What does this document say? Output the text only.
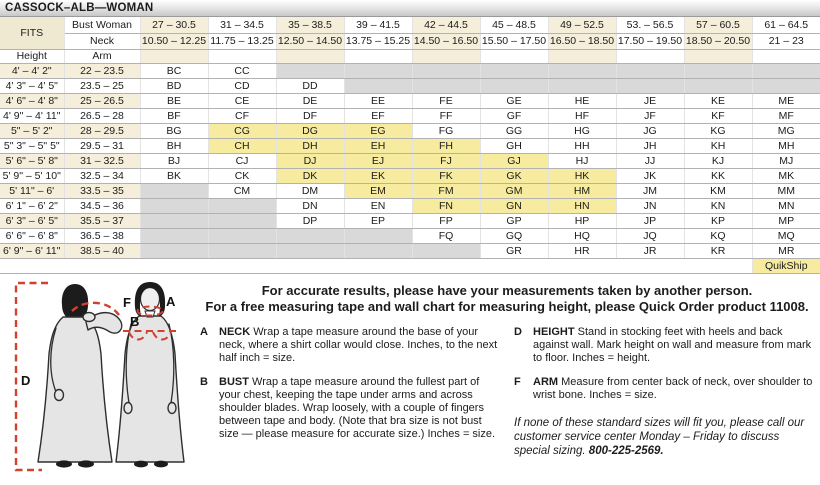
CASSOCK–ALB—WOMAN
FITS	Bust Woman	27 – 30.5	31 – 34.5	35 – 38.5	39 – 41.5	42 – 44.5	45 – 48.5	49 – 52.5	53. – 56.5	57 – 60.5	61 – 64.5
	Neck	10.50 – 12.25	11.75 – 13.25	12.50 – 14.50	13.75 – 15.25	14.50 – 16.50	15.50 – 17.50	16.50 – 18.50	17.50 – 19.50	18.50 – 20.50	21 – 23
Height	Arm										
4' – 4' 2"	22 – 23.5	BC	CC								
4' 3" – 4' 5"	23.5 – 25	BD	CD	DD							
4' 6" – 4' 8"	25 – 26.5	BE	CE	DE	EE	FE	GE	HE	JE	KE	ME
4' 9" – 4' 11"	26.5 – 28	BF	CF	DF	EF	FF	GF	HF	JF	KF	MF
5" – 5' 2"	28 – 29.5	BG	CG	DG	EG	FG	GG	HG	JG	KG	MG
5" 3" – 5" 5"	29.5 – 31	BH	CH	DH	EH	FH	GH	HH	JH	KH	MH
5' 6" – 5' 8"	31 – 32.5	BJ	CJ	DJ	EJ	FJ	GJ	HJ	JJ	KJ	MJ
5' 9" – 5' 10"	32.5 – 34	BK	CK	DK	EK	FK	GK	HK	JK	KK	MK
5' 11" – 6'	33.5 – 35		CM	DM	EM	FM	GM	HM	JM	KM	MM
6' 1" – 6' 2"	34.5 – 36			DN	EN	FN	GN	HN	JN	KN	MN
6' 3" – 6' 5"	35.5 – 37			DP	EP	FP	GP	HP	JP	KP	MP
6' 6" – 6' 8"	36.5 – 38					FQ	GQ	HQ	JQ	KQ	MQ
6' 9" – 6' 11"	38.5 – 40						GR	HR	JR	KR	MR
											QuikShip
D
F	A
B
For accurate results, please have your measurements taken by another person.
For a free measuring tape and wall chart for measuring height, please Quick Order product 11008.
A NECK Wrap a tape measure around the base of your neck, where a shirt collar would close. Inches, to the next half inch = size.
B BUST Wrap a tape measure around the fullest part of your chest, keeping the tape under arms and across shoulder blades. Wrap loosely, with a couple of fingers between tape and body. (Note that bra size is not bust size — please measure for accurate size.) Inches = size.
D HEIGHT Stand in stocking feet with heels and back against wall. Mark height on wall and measure from mark to floor. Inches = height.
F ARM Measure from center back of neck, over shoulder to wrist bone. Inches = size.
If none of these standard sizes will fit you, please call our customer service center Monday – Friday to discuss special sizing. 800-225-2569.
